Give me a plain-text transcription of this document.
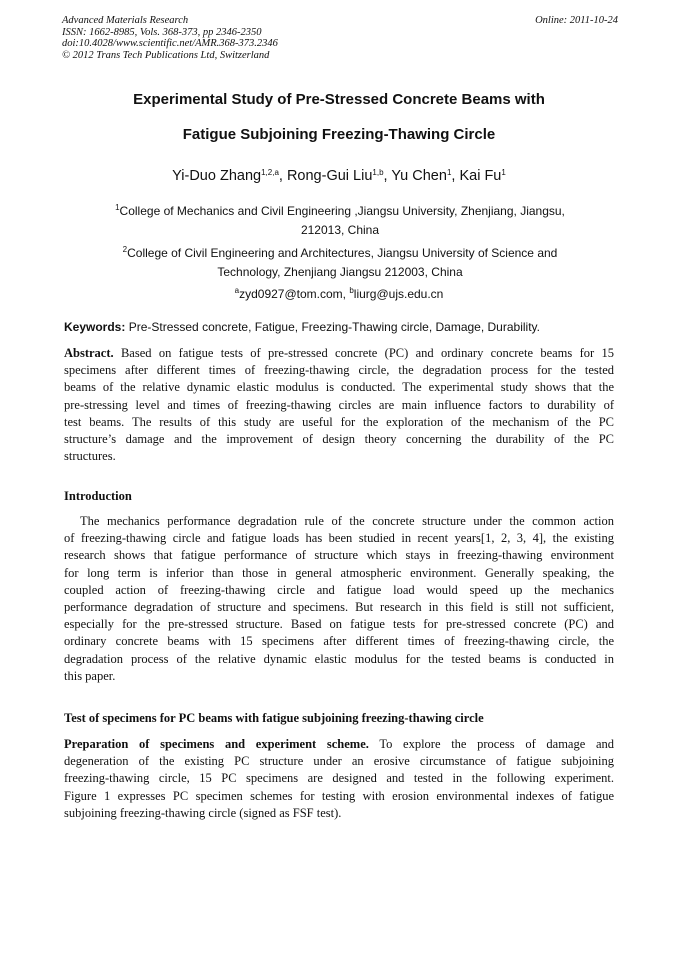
Advanced Materials Research
ISSN: 1662-8985, Vols. 368-373, pp 2346-2350
doi:10.4028/www.scientific.net/AMR.368-373.2346
© 2012 Trans Tech Publications Ltd, Switzerland
Online: 2011-10-24
Experimental Study of Pre-Stressed Concrete Beams with
Fatigue Subjoining Freezing-Thawing Circle
Yi-Duo Zhang$^{1,2,a}$, Rong-Gui Liu$^{1,b}$, Yu Chen$^1$, Kai Fu$^1$
$^1$College of Mechanics and Civil Engineering ,Jiangsu University, Zhenjiang, Jiangsu,
212013, China
$^2$College of Civil Engineering and Architectures, Jiangsu University of Science and
Technology, Zhenjiang Jiangsu 212003, China
$^a$zyd0927@tom.com, $^b$liurg@ujs.edu.cn
Keywords: Pre-Stressed concrete, Fatigue, Freezing-Thawing circle, Damage, Durability.
Abstract. Based on fatigue tests of pre-stressed concrete (PC) and ordinary concrete beams for 15
specimens after different times of freezing-thawing circle, the degradation process for the tested
beams of the relative dynamic elastic modulus is conducted. The experimental study shows that the
pre-stressing level and times of freezing-thawing circles are main influence factors to durability of
test beams. The results of this study are useful for the exploration of the mechanism of the PC
structure’s damage and the improvement of design theory concerning the durability of the PC
structures.
Introduction
The mechanics performance degradation rule of the concrete structure under the common action
of freezing-thawing circle and fatigue loads has been studied in recent years[1, 2, 3, 4], the existing
research shows that fatigue performance of structure which stays in freezing-thawing environment
for long term is inferior than those in general atmospheric environment. Generally speaking, the
coupled action of freezing-thawing circle and fatigue load would speed up the mechanics
performance degradation of structure and specimens. But research in this field is still not sufficient,
especially for the pre-stressed structure. Based on fatigue tests for pre-stressed concrete (PC) and
ordinary concrete beams with 15 specimens after different times of freezing-thawing circle, the
degradation process of the relative dynamic elastic modulus for the tested beams is conducted in
this paper.
Test of specimens for PC beams with fatigue subjoining freezing-thawing circle
Preparation of specimens and experiment scheme. To explore the process of damage and
degeneration of the existing PC structure under an erosive circumstance of fatigue subjoining
freezing-thawing circle, 15 PC specimens are designed and tested in the following experiment.
Figure 1 expresses PC specimen schemes for testing with erosion environmental indexes of fatigue
subjoining freezing-thawing circle (signed as FSF test).
